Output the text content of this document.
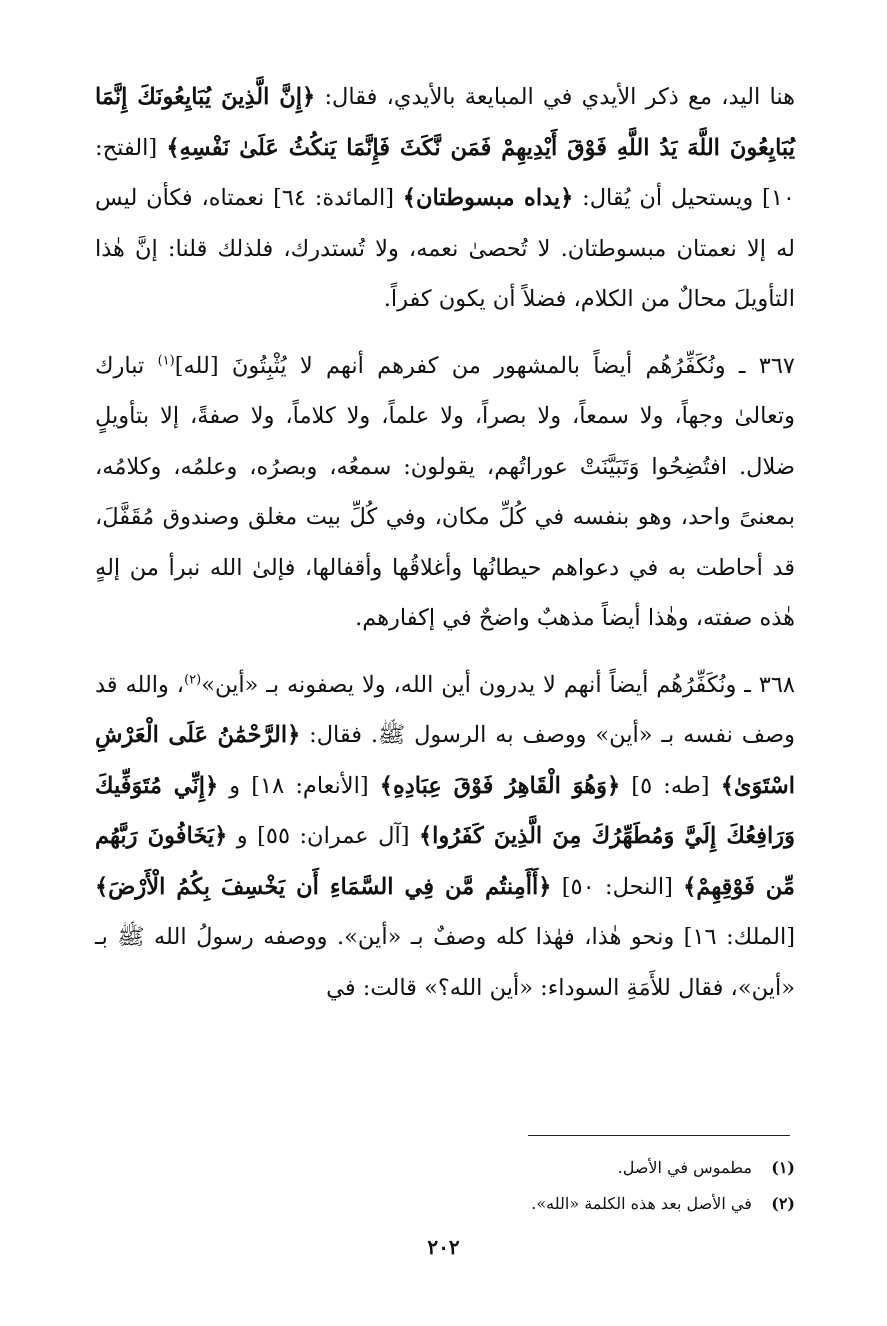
هنا اليد، مع ذكر الأيدي في المبايعة بالأيدي، فقال: ﴿إِنَّ الَّذِينَ يُبَايِعُونَكَ إِنَّمَا يُبَايِعُونَ اللَّهَ يَدُ اللَّهِ فَوْقَ أَيْدِيهِمْ فَمَن نَّكَثَ فَإِنَّمَا يَنكُثُ عَلَىٰ نَفْسِهِ﴾ [الفتح: ١٠] ويستحيل أن يُقال: ﴿يداه مبسوطتان﴾ [المائدة: ٦٤] نعمتاه، فكأن ليس له إلا نعمتان مبسوطتان. لا تُحصىٰ نعمه، ولا تُستدرك، فلذلك قلنا: إنَّ هٰذا التأويلَ محالٌ من الكلام، فضلاً أن يكون كفراً.

٣٦٧ ـ ونُكَفِّرُهُم أيضاً بالمشهور من كفرهم أنهم لا يُثْبِتُونَ [لله]$^{(١)}$ تبارك وتعالىٰ وجهاً، ولا سمعاً، ولا بصراً، ولا علماً، ولا كلاماً، ولا صفةً، إلا بتأويلٍ ضلال. افتُضِحُوا وَتَبَيَّنَتْ عوراتُهم، يقولون: سمعُه، وبصرُه، وعلمُه، وكلامُه، بمعنىً واحد، وهو بنفسه في كُلِّ مكان، وفي كُلِّ بيت مغلق وصندوق مُقَفَّلَ، قد أحاطت به في دعواهم حيطانُها وأغلاقُها وأقفالها، فإلىٰ الله نبرأ من إلهٍ هٰذه صفته، وهٰذا أيضاً مذهبٌ واضحٌ في إكفارهم.

٣٦٨ ـ ونُكَفِّرُهُم أيضاً أنهم لا يدرون أين الله، ولا يصفونه بـ «أين»$^{(٢)}$، والله قد وصف نفسه بـ «أين» ووصف به الرسول ﷺ. فقال: ﴿الرَّحْمَٰنُ عَلَى الْعَرْشِ اسْتَوَىٰ﴾ [طه: ٥] ﴿وَهُوَ الْقَاهِرُ فَوْقَ عِبَادِهِ﴾ [الأنعام: ١٨] و ﴿إِنِّي مُتَوَفِّيكَ وَرَافِعُكَ إِلَيَّ وَمُطَهِّرُكَ مِنَ الَّذِينَ كَفَرُوا﴾ [آل عمران: ٥٥] و ﴿يَخَافُونَ رَبَّهُم مِّن فَوْقِهِمْ﴾ [النحل: ٥٠] ﴿أَأَمِنتُم مَّن فِي السَّمَاءِ أَن يَخْسِفَ بِكُمُ الْأَرْضَ﴾ [الملك: ١٦] ونحو هٰذا، فهٰذا كله وصفٌ بـ «أين». ووصفه رسولُ الله ﷺ بـ «أين»، فقال للأَمَةِ السوداء: «أين الله؟» قالت: في

(١) مطموس في الأصل.
(٢) في الأصل بعد هذه الكلمة «الله».
٢٠٢
